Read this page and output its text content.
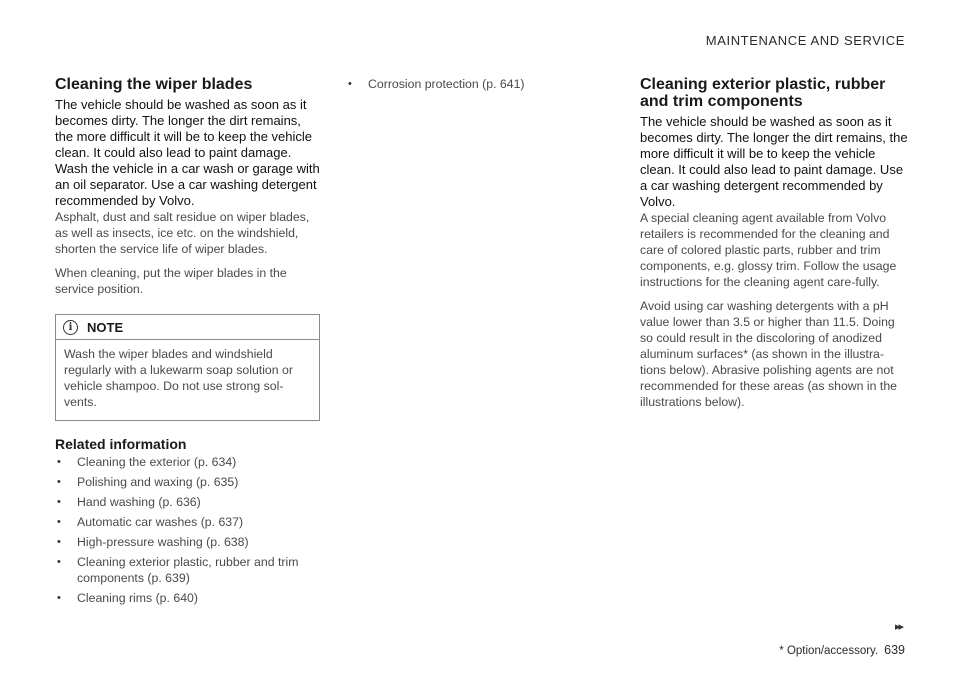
MAINTENANCE AND SERVICE
Cleaning the wiper blades

The vehicle should be washed as soon as it becomes dirty. The longer the dirt remains, the more difficult it will be to keep the vehicle clean. It could also lead to paint damage. Wash the vehicle in a car wash or garage with an oil separator. Use a car washing detergent recommended by Volvo.

Asphalt, dust and salt residue on wiper blades, as well as insects, ice etc. on the windshield, shorten the service life of wiper blades.

When cleaning, put the wiper blades in the service position.

i	NOTE
Wash the wiper blades and windshield regularly with a lukewarm soap solution or vehicle shampoo. Do not use strong sol-vents.
Related information
• Cleaning the exterior (p. 634)
• Polishing and waxing (p. 635)
• Hand washing (p. 636)
• Automatic car washes (p. 637)
• High-pressure washing (p. 638)
• Cleaning exterior plastic, rubber and trim components (p. 639)
• Cleaning rims (p. 640)
• Corrosion protection (p. 641)	Cleaning exterior plastic, rubber and trim components

The vehicle should be washed as soon as it becomes dirty. The longer the dirt remains, the more difficult it will be to keep the vehicle clean. It could also lead to paint damage. Use a car washing detergent recommended by Volvo.

A special cleaning agent available from Volvo retailers is recommended for the cleaning and care of colored plastic parts, rubber and trim components, e.g. glossy trim. Follow the usage instructions for the cleaning agent care-fully.

Avoid using car washing detergents with a pH value lower than 3.5 or higher than 11.5. Doing so could result in the discoloring of anodized aluminum surfaces* (as shown in the illustra-tions below). Abrasive polishing agents are not recommended for these areas (as shown in the illustrations below).

▸▸
* Option/accessory. 639
